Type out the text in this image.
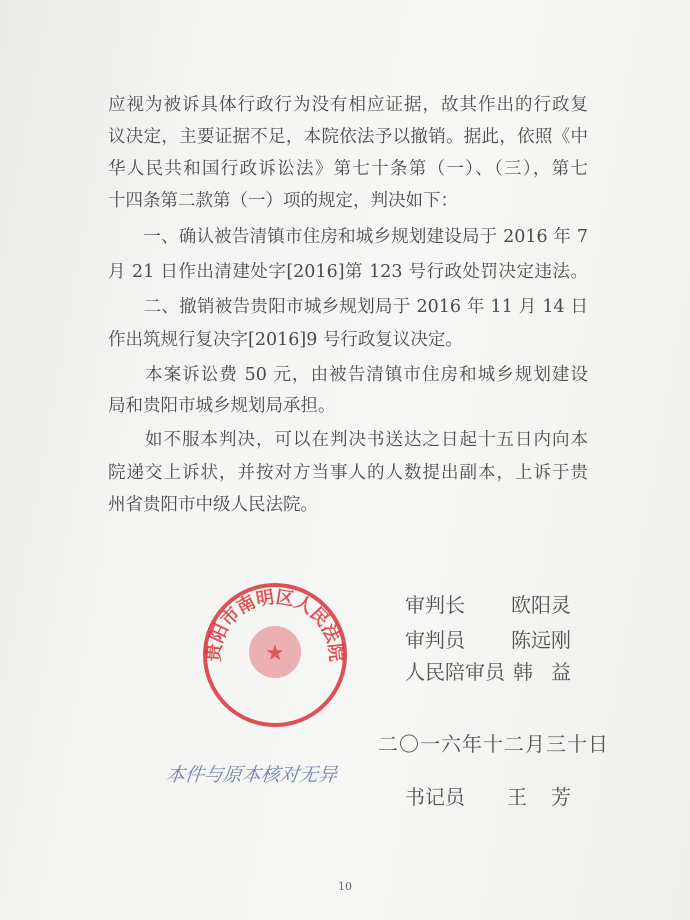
应视为被诉具体行政行为没有相应证据，故其作出的行政复
议决定，主要证据不足，本院依法予以撤销。据此，依照《中
华人民共和国行政诉讼法》第七十条第（一）、（三），第七
十四条第二款第（一）项的规定，判决如下：
　　一、确认被告清镇市住房和城乡规划建设局于 2016 年 7
月 21 日作出清建处字[2016]第 123 号行政处罚决定违法。
　　二、撤销被告贵阳市城乡规划局于 2016 年 11 月 14 日
作出筑规行复决字[2016]9 号行政复议决定。
　　本案诉讼费 50 元，由被告清镇市住房和城乡规划建设
局和贵阳市城乡规划局承担。
　　如不服本判决，可以在判决书送达之日起十五日内向本
院递交上诉状，并按对方当事人的人数提出副本，上诉于贵
州省贵阳市中级人民法院。
审判长	欧阳灵
审判员	陈远刚
人民陪审员 韩益
★
贵阳市南明区人民法院
二〇一六年十二月三十日
本件与原本核对无异
书记员	王芳
10
